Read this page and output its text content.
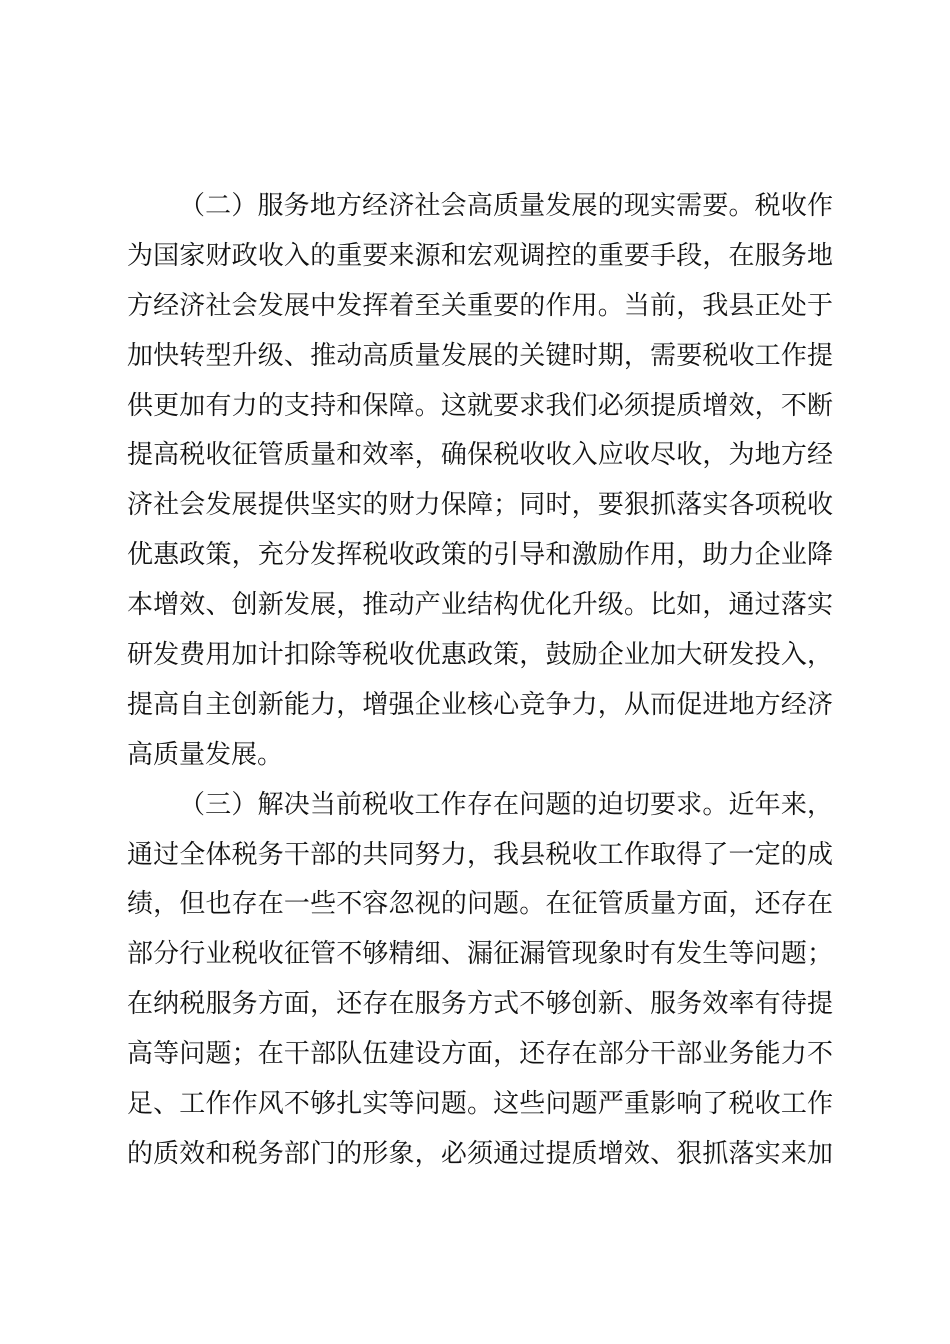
（二）服务地方经济社会高质量发展的现实需要。税收作
为国家财政收入的重要来源和宏观调控的重要手段，在服务地
方经济社会发展中发挥着至关重要的作用。当前，我县正处于
加快转型升级、推动高质量发展的关键时期，需要税收工作提
供更加有力的支持和保障。这就要求我们必须提质增效，不断
提高税收征管质量和效率，确保税收收入应收尽收，为地方经
济社会发展提供坚实的财力保障；同时，要狠抓落实各项税收
优惠政策，充分发挥税收政策的引导和激励作用，助力企业降
本增效、创新发展，推动产业结构优化升级。比如，通过落实
研发费用加计扣除等税收优惠政策，鼓励企业加大研发投入，
提高自主创新能力，增强企业核心竞争力，从而促进地方经济
高质量发展。
（三）解决当前税收工作存在问题的迫切要求。近年来，
通过全体税务干部的共同努力，我县税收工作取得了一定的成
绩，但也存在一些不容忽视的问题。在征管质量方面，还存在
部分行业税收征管不够精细、漏征漏管现象时有发生等问题；
在纳税服务方面，还存在服务方式不够创新、服务效率有待提
高等问题；在干部队伍建设方面，还存在部分干部业务能力不
足、工作作风不够扎实等问题。这些问题严重影响了税收工作
的质效和税务部门的形象，必须通过提质增效、狠抓落实来加
